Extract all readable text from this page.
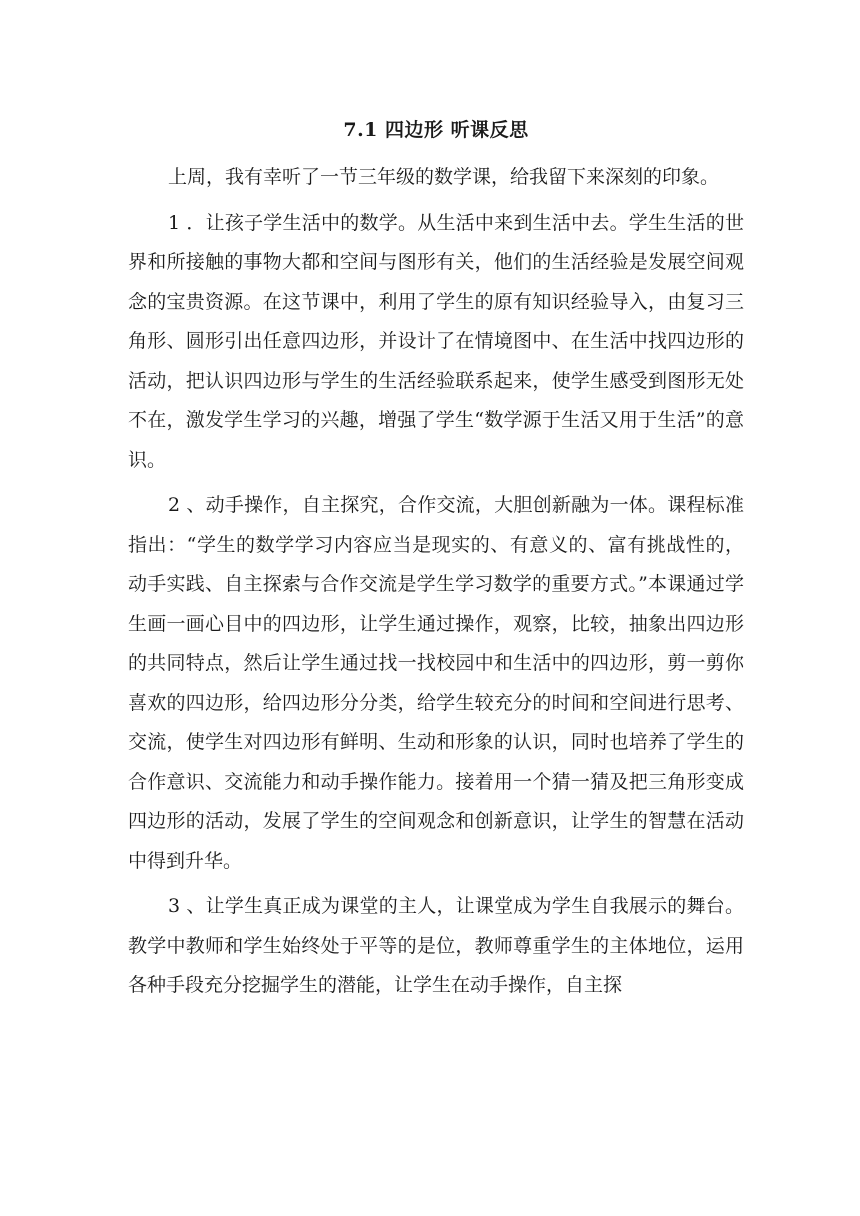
7.1 四边形 听课反思

上周，我有幸听了一节三年级的数学课，给我留下来深刻的印象。

1 ．让孩子学生活中的数学。从生活中来到生活中去。学生生活的世界和所接触的事物大都和空间与图形有关，他们的生活经验是发展空间观念的宝贵资源。在这节课中，利用了学生的原有知识经验导入，由复习三角形、圆形引出任意四边形，并设计了在情境图中、在生活中找四边形的活动，把认识四边形与学生的生活经验联系起来，使学生感受到图形无处不在，激发学生学习的兴趣，增强了学生“数学源于生活又用于生活”的意识。

2 、动手操作，自主探究，合作交流，大胆创新融为一体。课程标准指出：“学生的数学学习内容应当是现实的、有意义的、富有挑战性的，动手实践、自主探索与合作交流是学生学习数学的重要方式。”本课通过学生画一画心目中的四边形，让学生通过操作，观察，比较，抽象出四边形的共同特点，然后让学生通过找一找校园中和生活中的四边形，剪一剪你喜欢的四边形，给四边形分分类，给学生较充分的时间和空间进行思考、交流，使学生对四边形有鲜明、生动和形象的认识，同时也培养了学生的合作意识、交流能力和动手操作能力。接着用一个猜一猜及把三角形变成四边形的活动，发展了学生的空间观念和创新意识，让学生的智慧在活动中得到升华。

3 、让学生真正成为课堂的主人，让课堂成为学生自我展示的舞台。教学中教师和学生始终处于平等的是位，教师尊重学生的主体地位，运用各种手段充分挖掘学生的潜能，让学生在动手操作，自主探
